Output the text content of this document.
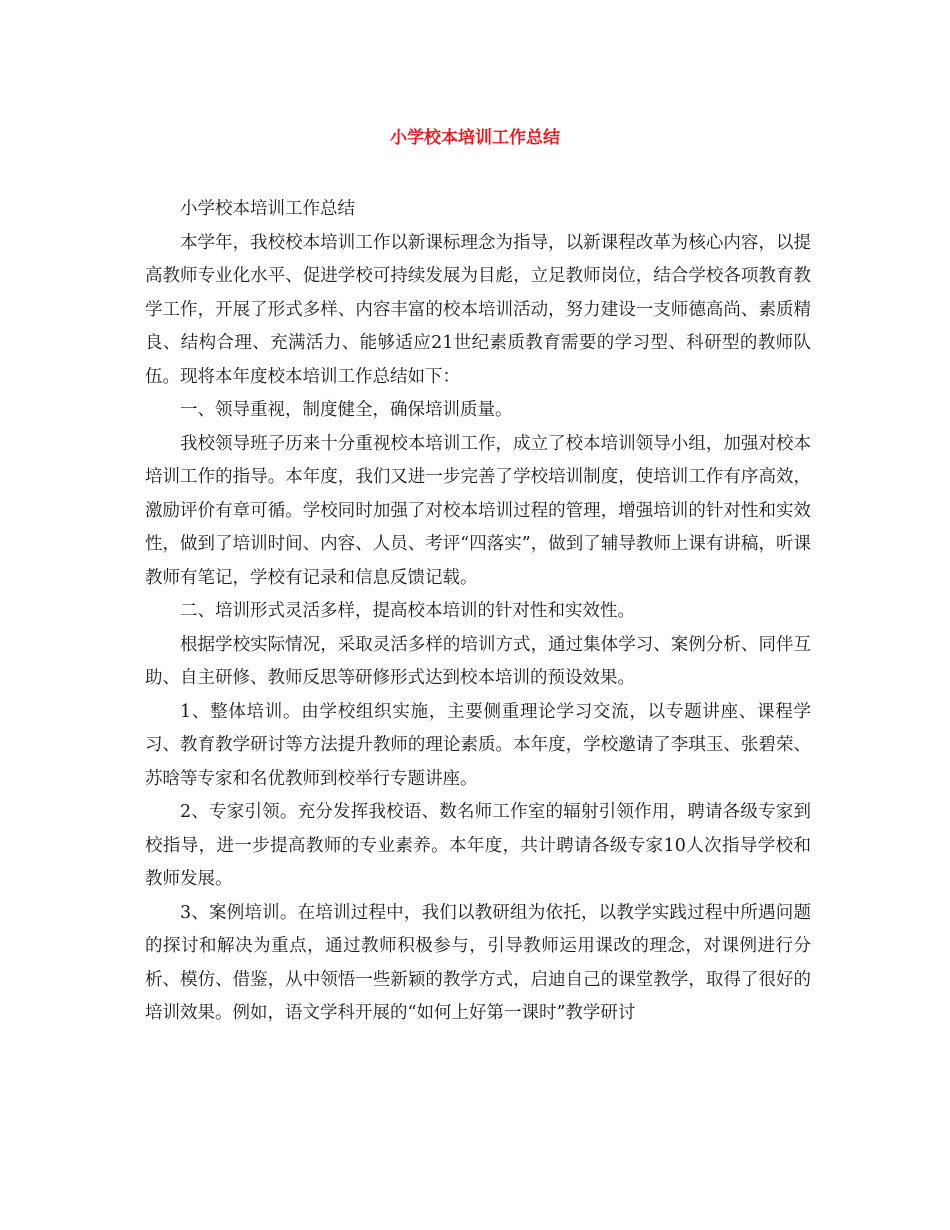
小学校本培训工作总结

小学校本培训工作总结

本学年，我校校本培训工作以新课标理念为指导，以新课程改革为核心内容，以提高教师专业化水平、促进学校可持续发展为目彪，立足教师岗位，结合学校各项教育教学工作，开展了形式多样、内容丰富的校本培训活动，努力建设一支师德高尚、素质精良、结构合理、充满活力、能够适应21世纪素质教育需要的学习型、科研型的教师队伍。现将本年度校本培训工作总结如下：

一、领导重视，制度健全，确保培训质量。

我校领导班子历来十分重视校本培训工作，成立了校本培训领导小组，加强对校本培训工作的指导。本年度，我们又进一步完善了学校培训制度，使培训工作有序高效，激励评价有章可循。学校同时加强了对校本培训过程的管理，增强培训的针对性和实效性，做到了培训时间、内容、人员、考评“四落实”，做到了辅导教师上课有讲稿，听课教师有笔记，学校有记录和信息反馈记载。

二、培训形式灵活多样，提高校本培训的针对性和实效性。

根据学校实际情况，采取灵活多样的培训方式，通过集体学习、案例分析、同伴互助、自主研修、教师反思等研修形式达到校本培训的预设效果。

1、整体培训。由学校组织实施，主要侧重理论学习交流，以专题讲座、课程学习、教育教学研讨等方法提升教师的理论素质。本年度，学校邀请了李琪玉、张碧荣、苏晗等专家和名优教师到校举行专题讲座。

2、专家引领。充分发挥我校语、数名师工作室的辐射引领作用，聘请各级专家到校指导，进一步提高教师的专业素养。本年度，共计聘请各级专家10人次指导学校和教师发展。

3、案例培训。在培训过程中，我们以教研组为依托，以教学实践过程中所遇问题的探讨和解决为重点，通过教师积极参与，引导教师运用课改的理念，对课例进行分析、模仿、借鉴，从中领悟一些新颖的教学方式，启迪自己的课堂教学，取得了很好的培训效果。例如，语文学科开展的“如何上好第一课时”教学研讨
